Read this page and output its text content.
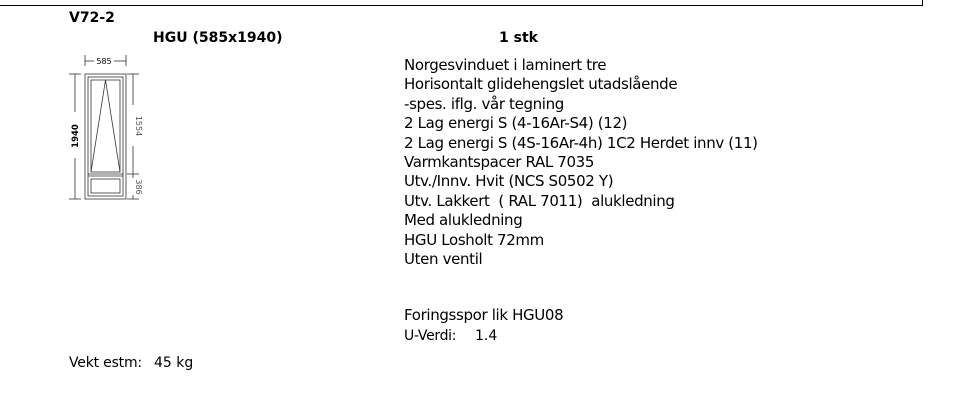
V72-2
HGU (585x1940)	1 stk
585
1940	1554
386
Norgesvinduet i laminert tre
Horisontalt glidehengslet utadslående
-spes. iflg. vår tegning
2 Lag energi S (4-16Ar-S4) (12)
2 Lag energi S (4S-16Ar-4h) 1C2 Herdet innv (11)
Varmkantspacer RAL 7035
Utv./Innv. Hvit (NCS S0502 Y)
Utv. Lakkert  ( RAL 7011)  alukledning
Med alukledning
HGU Losholt 72mm
Uten ventil
Foringsspor lik HGU08
U-Verdi: 1.4
Vekt estm: 45 kg
